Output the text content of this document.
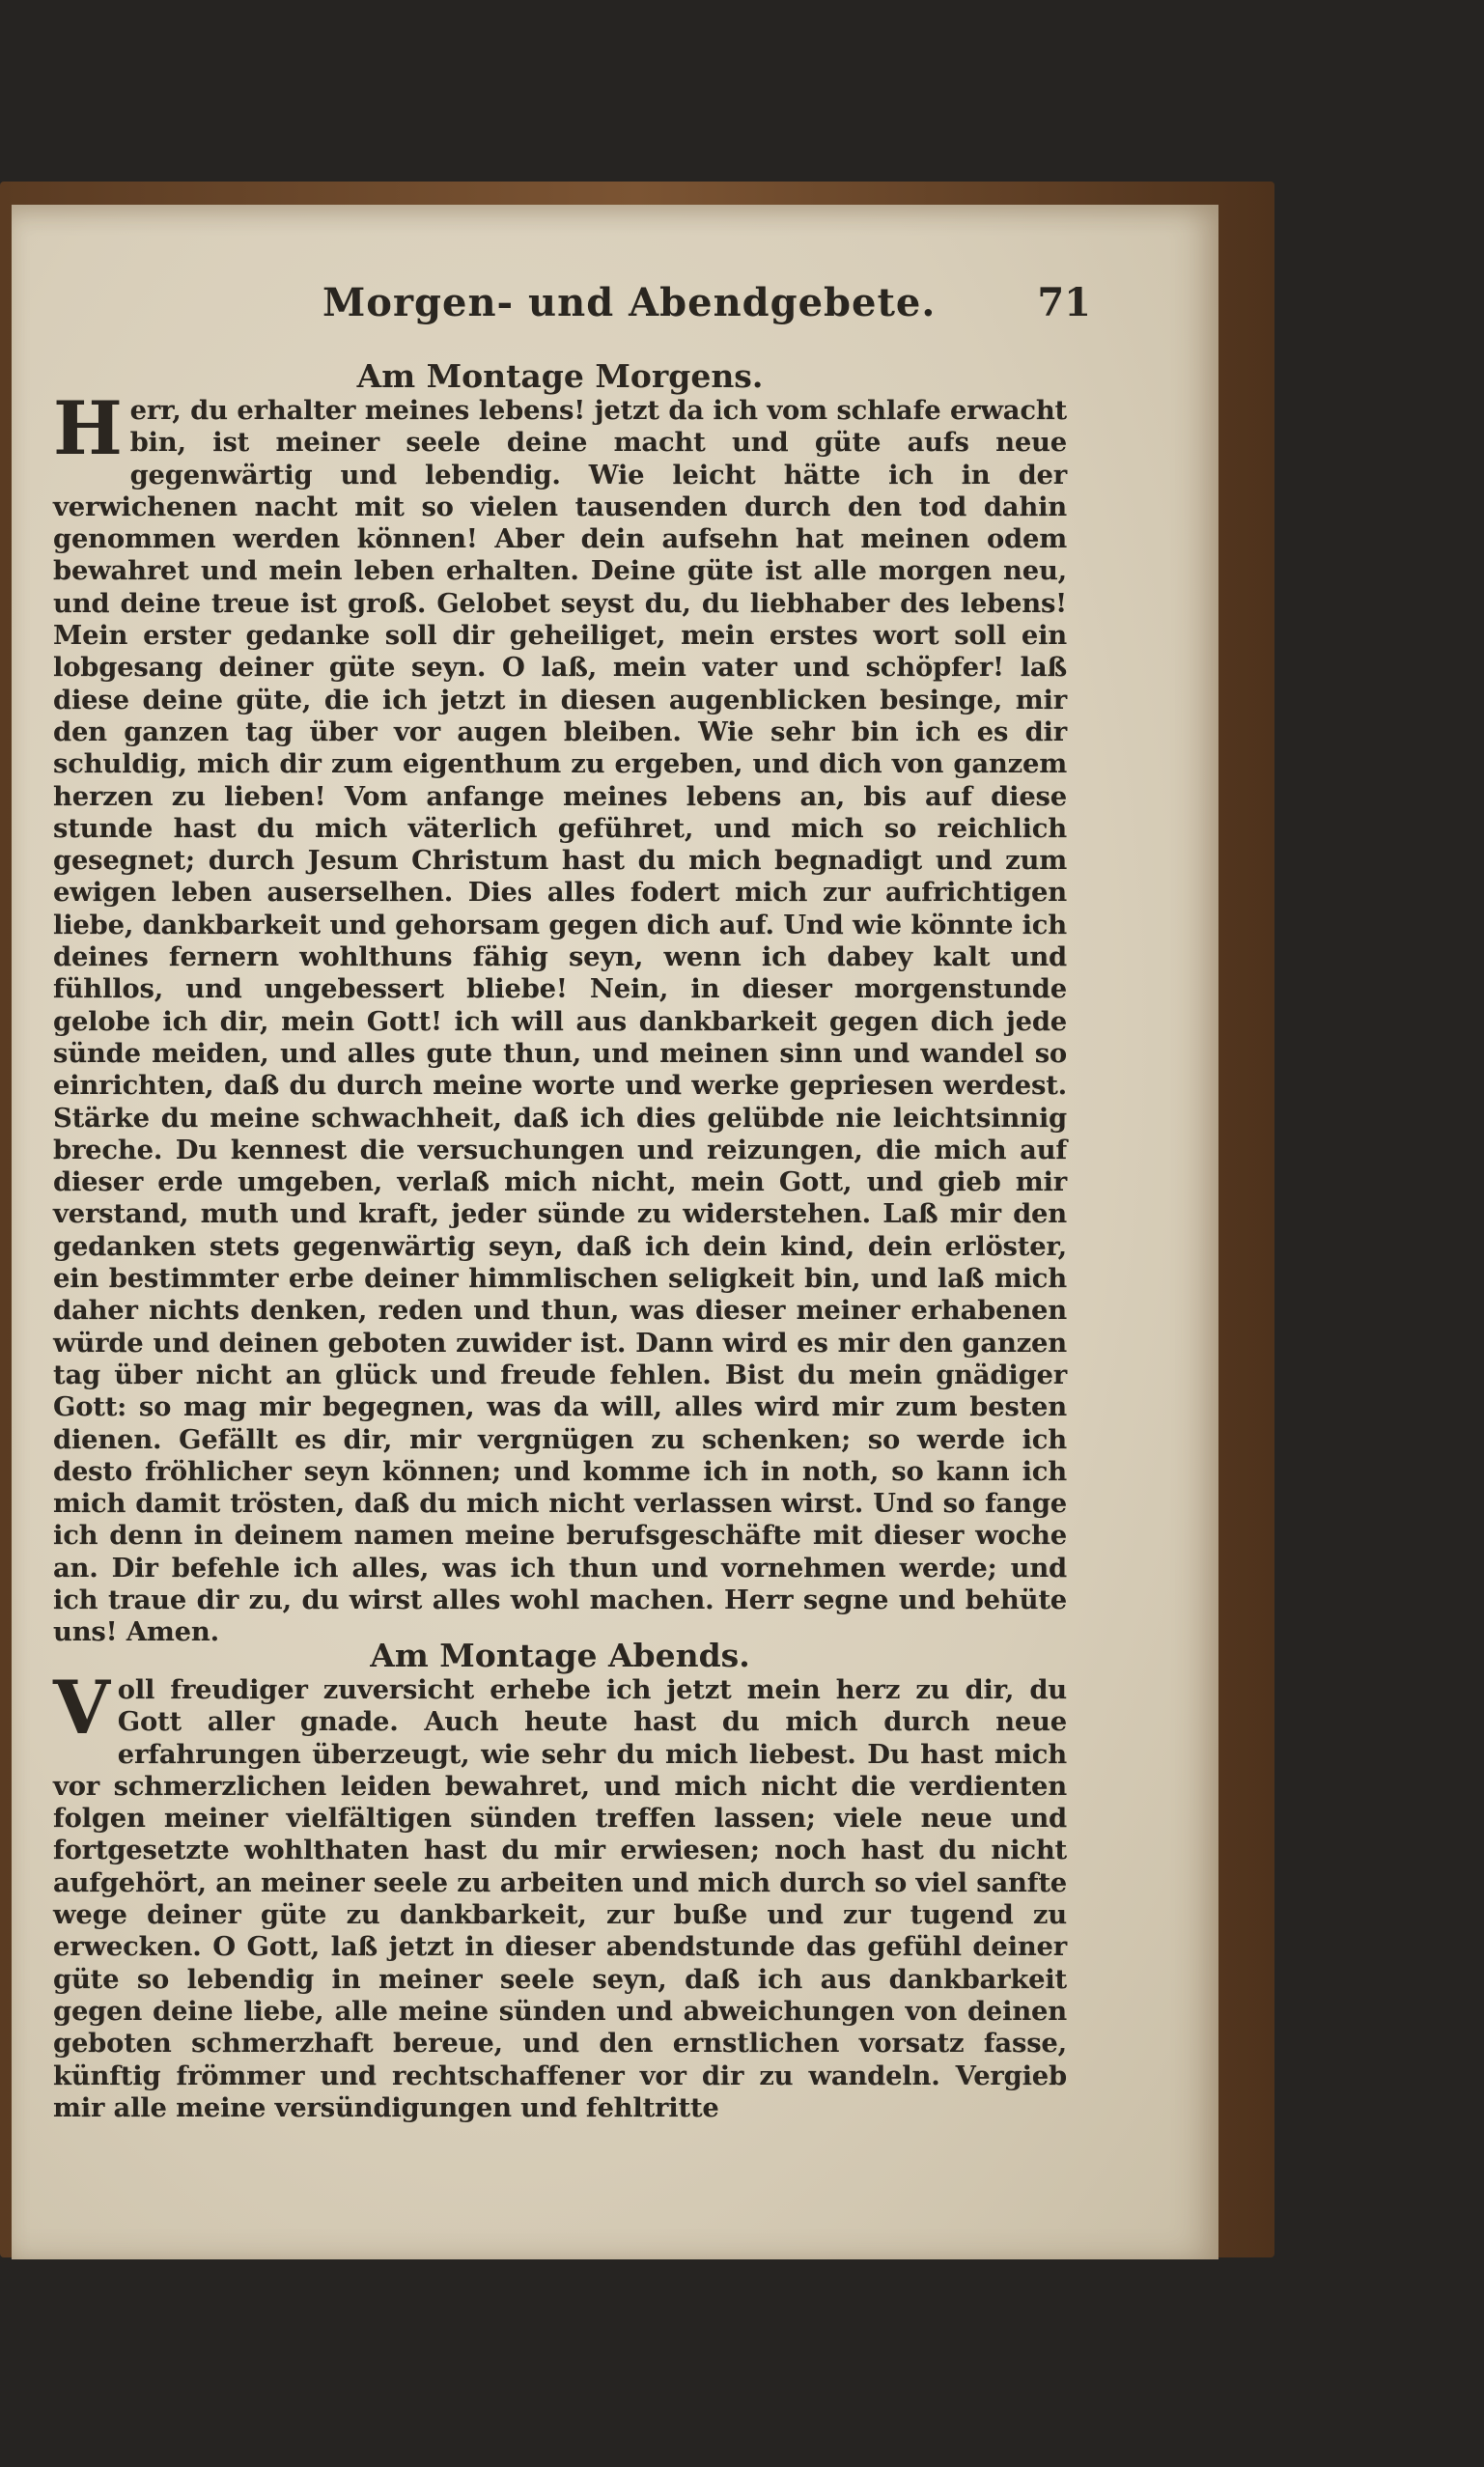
Morgen- und Abendgebete.	71

Am Montage Morgens.

Herr, du erhalter meines lebens! jetzt da ich vom schlafe erwacht bin, ist meiner seele deine macht und güte aufs neue gegenwärtig und lebendig. Wie leicht hätte ich in der verwichenen nacht mit so vielen tausenden durch den tod dahin genommen werden können! Aber dein aufsehn hat meinen odem bewahret und mein leben erhalten. Deine güte ist alle morgen neu, und deine treue ist groß. Gelobet seyst du, du liebhaber des lebens! Mein erster gedanke soll dir geheiliget, mein erstes wort soll ein lobgesang deiner güte seyn. O laß, mein vater und schöpfer! laß diese deine güte, die ich jetzt in diesen augenblicken besinge, mir den ganzen tag über vor augen bleiben. Wie sehr bin ich es dir schuldig, mich dir zum eigenthum zu ergeben, und dich von ganzem herzen zu lieben! Vom anfange meines lebens an, bis auf diese stunde hast du mich väterlich geführet, und mich so reichlich gesegnet; durch Jesum Christum hast du mich begnadigt und zum ewigen leben auserselhen. Dies alles fodert mich zur aufrichtigen liebe, dankbarkeit und gehorsam gegen dich auf. Und wie könnte ich deines fernern wohlthuns fähig seyn, wenn ich dabey kalt und fühllos, und ungebessert bliebe! Nein, in dieser morgenstunde gelobe ich dir, mein Gott! ich will aus dankbarkeit gegen dich jede sünde meiden, und alles gute thun, und meinen sinn und wandel so einrichten, daß du durch meine worte und werke gepriesen werdest. Stärke du meine schwachheit, daß ich dies gelübde nie leichtsinnig breche. Du kennest die versuchungen und reizungen, die mich auf dieser erde umgeben, verlaß mich nicht, mein Gott, und gieb mir verstand, muth und kraft, jeder sünde zu widerstehen. Laß mir den gedanken stets gegenwärtig seyn, daß ich dein kind, dein erlöster, ein bestimmter erbe deiner himmlischen seligkeit bin, und laß mich daher nichts denken, reden und thun, was dieser meiner erhabenen würde und deinen geboten zuwider ist. Dann wird es mir den ganzen tag über nicht an glück und freude fehlen. Bist du mein gnädiger Gott: so mag mir begegnen, was da will, alles wird mir zum besten dienen. Gefällt es dir, mir vergnügen zu schenken; so werde ich desto fröhlicher seyn können; und komme ich in noth, so kann ich mich damit trösten, daß du mich nicht verlassen wirst. Und so fange ich denn in deinem namen meine berufsgeschäfte mit dieser woche an. Dir befehle ich alles, was ich thun und vornehmen werde; und ich traue dir zu, du wirst alles wohl machen. Herr segne und behüte uns! Amen.

Am Montage Abends.

Voll freudiger zuversicht erhebe ich jetzt mein herz zu dir, du Gott aller gnade. Auch heute hast du mich durch neue erfahrungen überzeugt, wie sehr du mich liebest. Du hast mich vor schmerzlichen leiden bewahret, und mich nicht die verdienten folgen meiner vielfältigen sünden treffen lassen; viele neue und fortgesetzte wohlthaten hast du mir erwiesen; noch hast du nicht aufgehört, an meiner seele zu arbeiten und mich durch so viel sanfte wege deiner güte zu dankbarkeit, zur buße und zur tugend zu erwecken. O Gott, laß jetzt in dieser abendstunde das gefühl deiner güte so lebendig in meiner seele seyn, daß ich aus dankbarkeit gegen deine liebe, alle meine sünden und abweichungen von deinen geboten schmerzhaft bereue, und den ernstlichen vorsatz fasse, künftig frömmer und rechtschaffener vor dir zu wandeln. Vergieb mir alle meine versündigungen und fehltritte
